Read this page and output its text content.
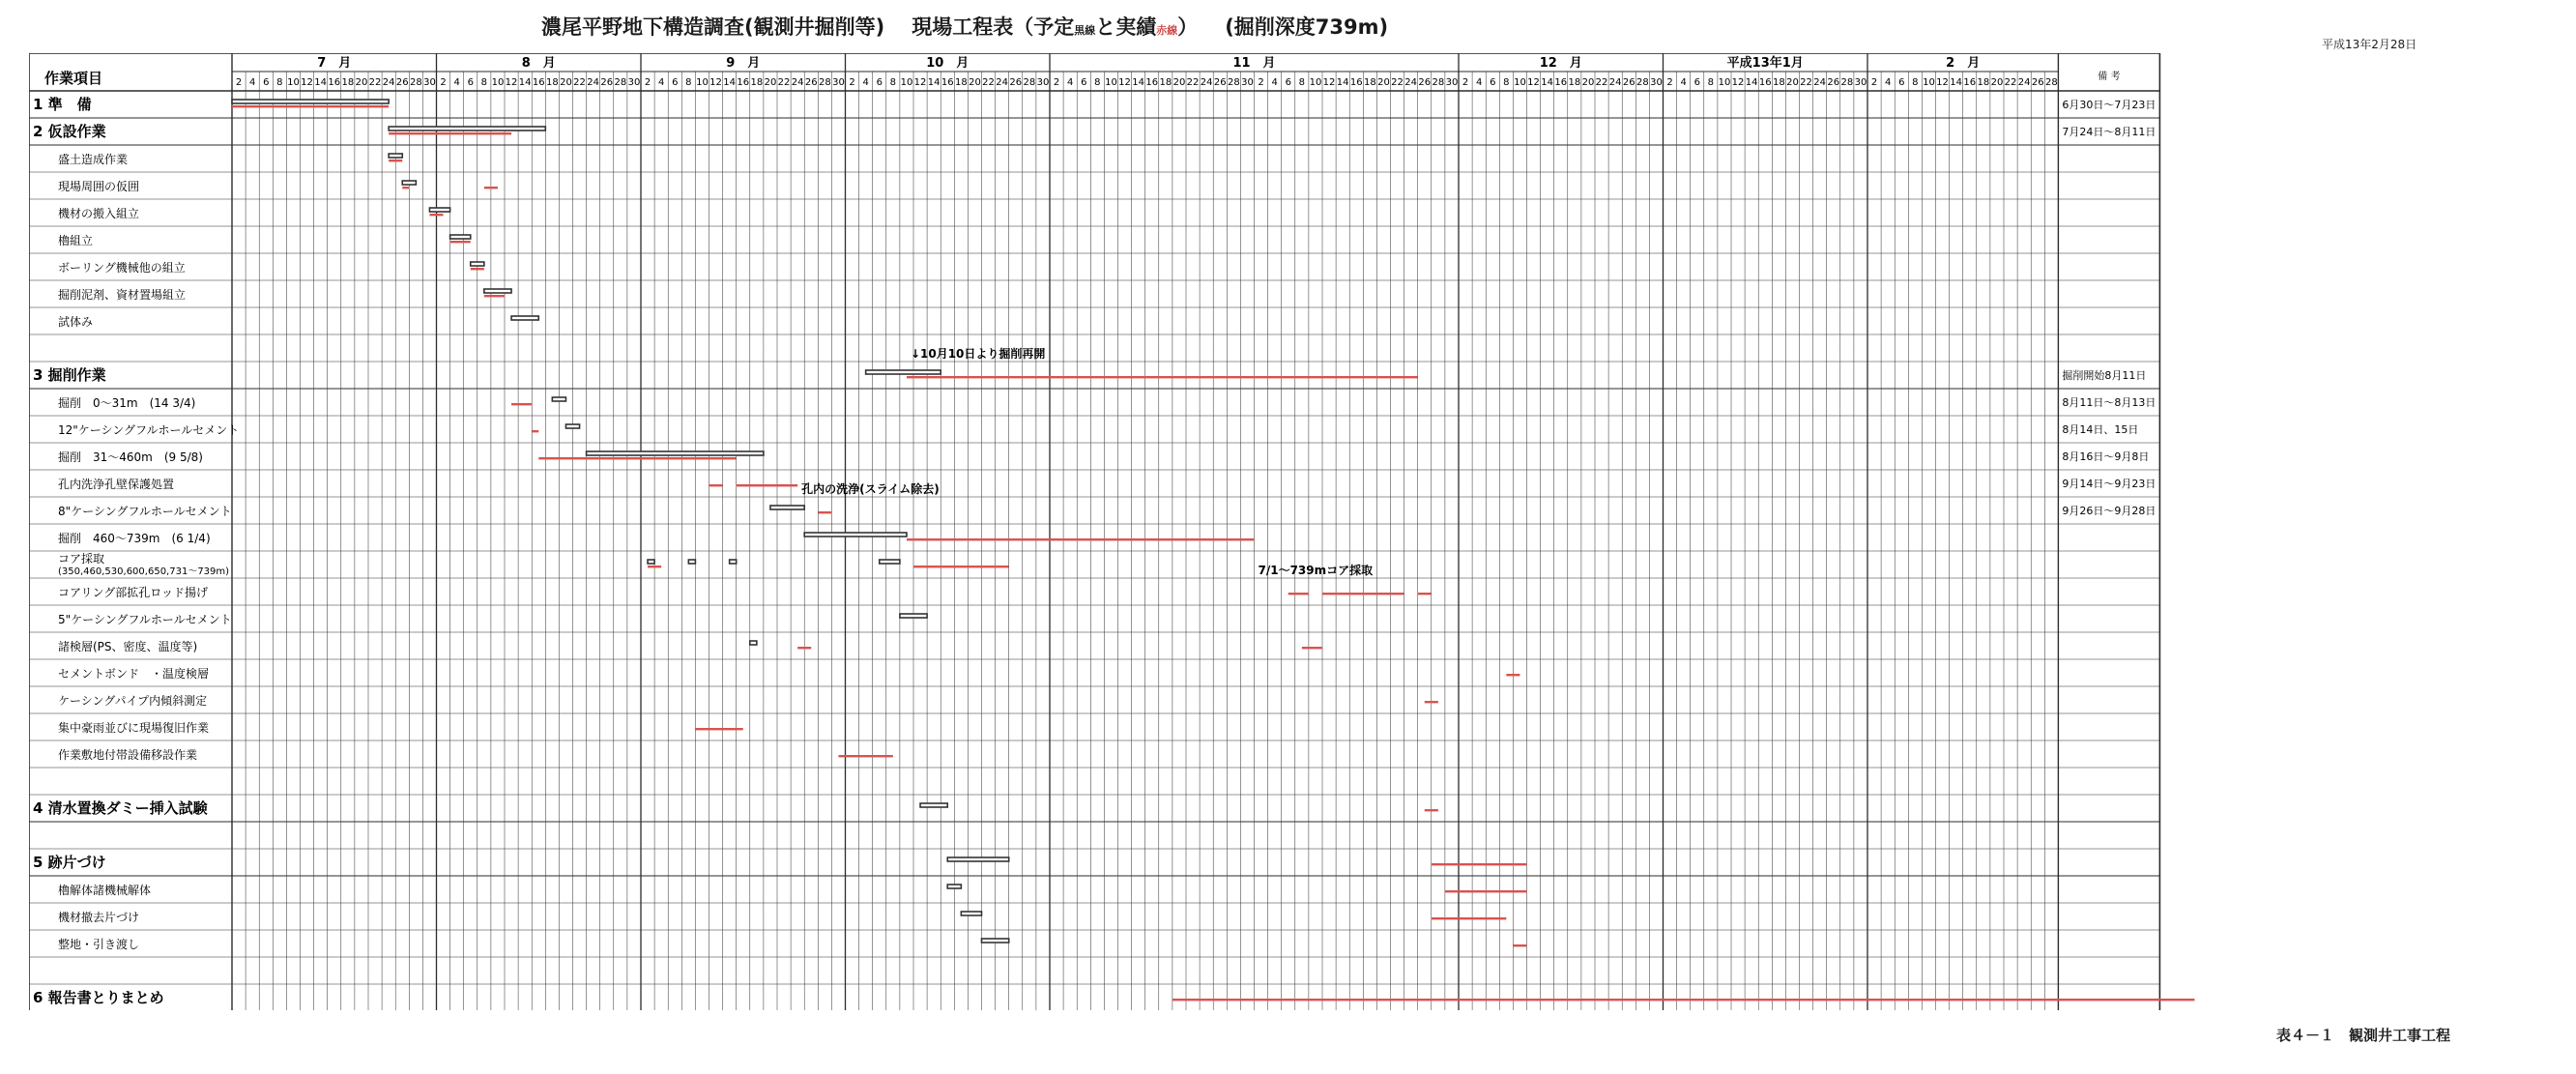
濃尾平野地下構造調査(観測井掘削等) 現場工程表（予定黒線と実績赤線） (掘削深度739m)
平成13年2月28日
作業項目	備 考
2 4 6 8 10 12 14 16 18 20 22 24 26 28 30
7　月
2 4 6 8 10 12 14 16 18 20 22 24 26 28 30
8　月
2 4 6 8 10 12 14 16 18 20 22 24 26 28 30
9　月
2 4 6 8 10 12 14 16 18 20 22 24 26 28 30
10　月
2 4 6 8 10 12 14 16 18 20 22 24 26 28 30 2 4 6 8 10 12 14 16 18 20 22 24 26 28 30
11　月
2 4 6 8 10 12 14 16 18 20 22 24 26 28 30
12　月
2 4 6 8 10 12 14 16 18 20 22 24 26 28 30
平成13年1月
2 4 6 8 10 12 14 16 18 20 22 24 26 28
2　月
1 準　備	6月30日～7月23日
2 仮設作業	7月24日～8月11日
盛土造成作業
現場周囲の仮囲
機材の搬入組立
櫓組立
ボーリング機械他の組立
掘削泥剤、資材置場組立
試体み
3 掘削作業	掘削開始8月11日
掘削　0～31m　(14 3/4)	8月11日～8月13日
12"ケーシングフルホールセメント	8月14日、15日
掘削　31～460m　(9 5/8)	8月16日～9月8日
孔内洗浄孔壁保護処置	9月14日～9月23日
8"ケーシングフルホールセメント	9月26日～9月28日
掘削　460～739m　(6 1/4)
コア採取
(350,460,530,600,650,731～739m)
コアリング部拡孔ロッド揚げ
5"ケーシングフルホールセメント
諸検層(PS、密度、温度等)
セメントボンド　・温度検層
ケーシングパイプ内傾斜測定
集中豪雨並びに現場復旧作業
作業敷地付帯設備移設作業
4 清水置換ダミー挿入試験
5 跡片づけ
櫓解体諸機械解体
機材撤去片づけ
整地・引き渡し
6 報告書とりまとめ
↓10月10日より掘削再開
孔内の洗浄(スライム除去)
7/1～739mコア採取
表４－１　観測井工事工程
